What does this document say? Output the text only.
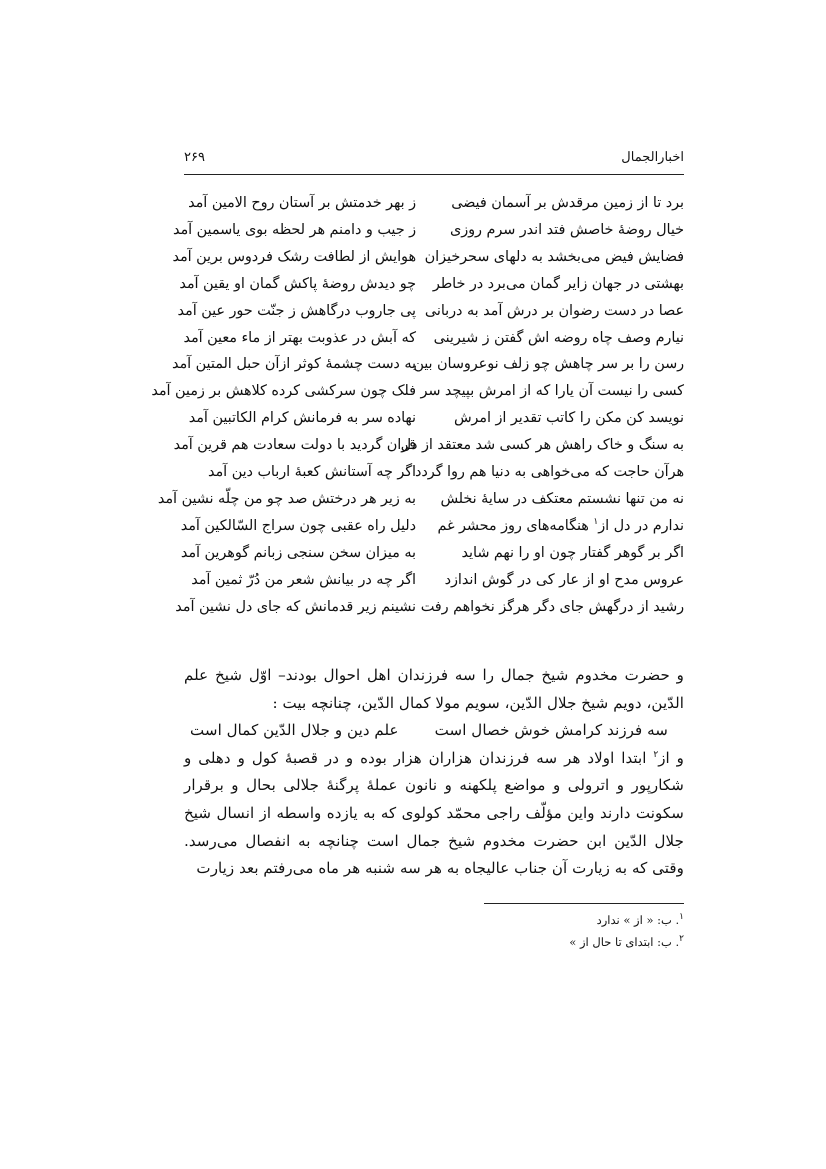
اخبارالجمال
۲۶۹
برد تا از زمین مرقدش بر آسمان فیضی
ز بهر خدمتش بر آستان روح الامین آمد
خیال روضهٔ خاصش فتد اندر سرم روزی
ز جیب و دامنم هر لحظه بوی یاسمین آمد
فضایش فیض می‌بخشد به دلهای سحرخیزان
هوایش از لطافت رشک فردوس برین آمد
بهشتی در جهان زایر گمان می‌برد در خاطر
چو دیدش روضهٔ پاکش گمان او یقین آمد
عصا در دست رضوان بر درش آمد به دربانی
پی جاروب درگاهش ز جنّت حور عین آمد
نیارم وصف چاه روضه اش گفتن ز شیرینی
که آبش در عذوبت بهتر از ماء معین آمد
رسن را بر سر چاهش چو زلف نوعروسان بین
به دست چشمهٔ کوثر ازآن حبل المتین آمد
کسی را نیست آن یارا که از امرش بپیچد سر
فلک چون سرکشی کرده کلاهش بر زمین آمد
نویسد کن مکن را کاتب تقدیر از امرش
نهاده سر به فرمانش کرام الکاتبین آمد
به سنگ و خاک راهش هر کسی شد معتقد از دل
قران گردید با دولت سعادت هم قرین آمد
هرآن حاجت که می‌خواهی به دنیا هم روا گردد
اگر چه آستانش کعبهٔ ارباب دین آمد
نه من تنها نشستم معتکف در سایهٔ نخلش
به زیر هر درختش صد چو من چلّه نشین آمد
ندارم در دل از$^۱$ هنگامه‌های روز محشر غم
دلیل راه عقبی چون سراج السّالکین آمد
اگر بر گوهر گفتار چون او را نهم شاید
به میزان سخن سنجی زبانم گوهرین آمد
عروس مدح او از عار کی در گوش اندازد
اگر چه در بیانش شعر من دُرّ ثمین آمد
رشید از درگهش جای دگر هرگز نخواهم رفت
نشینم زیر قدمانش که جای دل نشین آمد

و حضرت مخدوم شیخ جمال را سه فرزندان اهل احوال بودند– اوّل شیخ علم الدّین، دویم شیخ جلال الدّین، سویم مولا کمال الدّین، چنانچه بیت :

سه فرزند کرامش خوش خصال است
علم دین و جلال الدّین کمال است

و از$^۲$ ابتدا اولاد هر سه فرزندان هزاران هزار بوده و در قصبهٔ کول و دهلی و شکارپور و اترولی و مواضع پلکهنه و نانون عملهٔ پرگنهٔ جلالی بحال و برقرار سکونت دارند واین مؤلّف راجی محمّد کولوی که به یازده واسطه از انسال شیخ جلال الدّین ابن حضرت مخدوم شیخ جمال است چنانچه به انفصال می‌رسد. وقتی که به زیارت آن جناب عالیجاه به هر سه شنبه هر ماه می‌رفتم بعد زیارت

$^۱$. ب: « از » ندارد
$^۲$. ب: ابتدای تا حال از »
